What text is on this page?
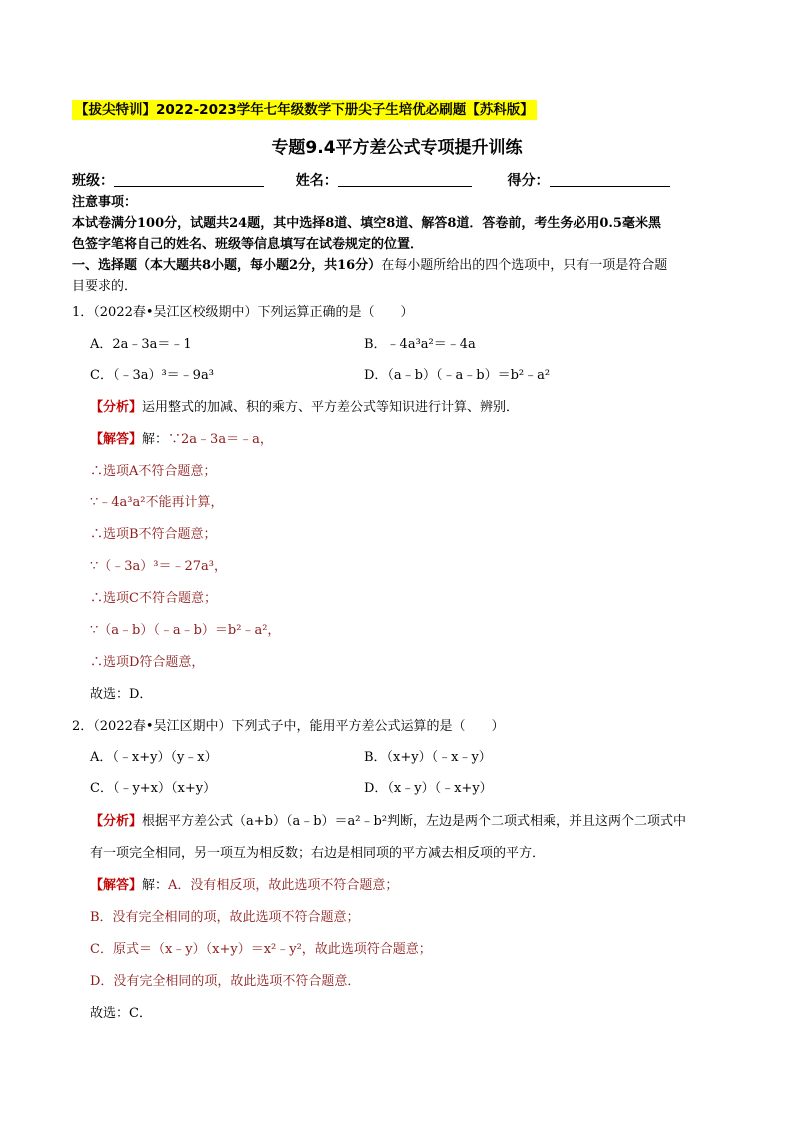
【拔尖特训】2022-2023学年七年级数学下册尖子生培优必刷题【苏科版】
专题9.4平方差公式专项提升训练
班级：	姓名：	得分：
注意事项：
本试卷满分100分，试题共24题，其中选择8道、填空8道、解答8道．答卷前，考生务必用0.5毫米黑
色签字笔将自己的姓名、班级等信息填写在试卷规定的位置．
一、选择题（本大题共8小题，每小题2分，共16分）在每小题所给出的四个选项中，只有一项是符合题
目要求的．
1．（2022春•吴江区校级期中）下列运算正确的是（　　）
A．2a﹣3a＝﹣1	B．﹣4a³a²＝﹣4a
C．（﹣3a）³＝﹣9a³	D．（a﹣b）（﹣a﹣b）＝b²﹣a²
【分析】运用整式的加减、积的乘方、平方差公式等知识进行计算、辨别．
【解答】解：∵2a﹣3a＝﹣a，
∴选项A不符合题意；
∵﹣4a³a²不能再计算，
∴选项B不符合题意；
∵（﹣3a）³＝﹣27a³，
∴选项C不符合题意；
∵（a﹣b）（﹣a﹣b）＝b²﹣a²，
∴选项D符合题意，
故选：D．
2．（2022春•吴江区期中）下列式子中，能用平方差公式运算的是（　　）
A．（﹣x+y）（y﹣x）	B．（x+y）（﹣x﹣y）
C．（﹣y+x）（x+y）	D．（x﹣y）（﹣x+y）
【分析】根据平方差公式（a+b）（a﹣b）＝a²﹣b²判断，左边是两个二项式相乘，并且这两个二项式中
有一项完全相同，另一项互为相反数；右边是相同项的平方减去相反项的平方．
【解答】解：A．没有相反项，故此选项不符合题意；
B．没有完全相同的项，故此选项不符合题意；
C．原式＝（x﹣y）（x+y）＝x²﹣y²，故此选项符合题意；
D．没有完全相同的项，故此选项不符合题意．
故选：C．
